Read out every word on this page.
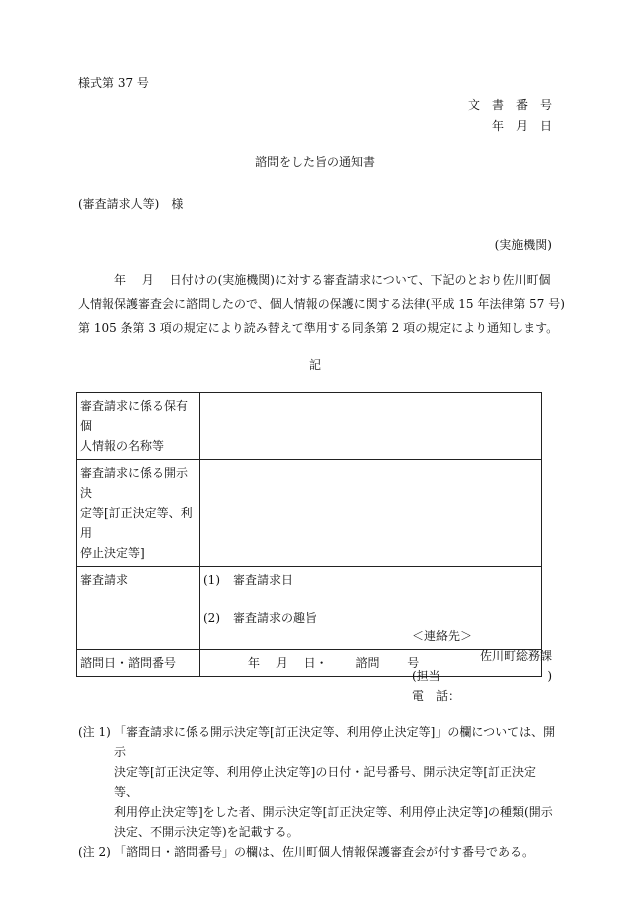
様式第 37 号
文　書　番　号
年　月　日
諮問をした旨の通知書
(審査請求人等)　様
(実施機関)
　　　年　 月　 日付けの(実施機関)に対する審査請求について、下記のとおり佐川町個
人情報保護審査会に諮問したので、個人情報の保護に関する法律(平成 15 年法律第 57 号)
第 105 条第 3 項の規定により読み替えて準用する同条第 2 項の規定により通知します。
記
審査請求に係る保有個
人情報の名称等	

審査請求に係る開示決
定等[訂正決定等、利用
停止決定等]	

審査請求	(1) 審査請求日
(2) 審査請求の趣旨

諮問日・諮問番号	年　 月　 日・　　 諮問　　 号
＜連絡先＞
佐川町総務課
(担当	)
電　話：
(注 1) 「審査請求に係る開示決定等[訂正決定等、利用停止決定等]」の欄については、開示
決定等[訂正決定等、利用停止決定等]の日付・記号番号、開示決定等[訂正決定等、
利用停止決定等]をした者、開示決定等[訂正決定等、利用停止決定等]の種類(開示
決定、不開示決定等)を記載する。
(注 2) 「諮問日・諮問番号」の欄は、佐川町個人情報保護審査会が付す番号である。
